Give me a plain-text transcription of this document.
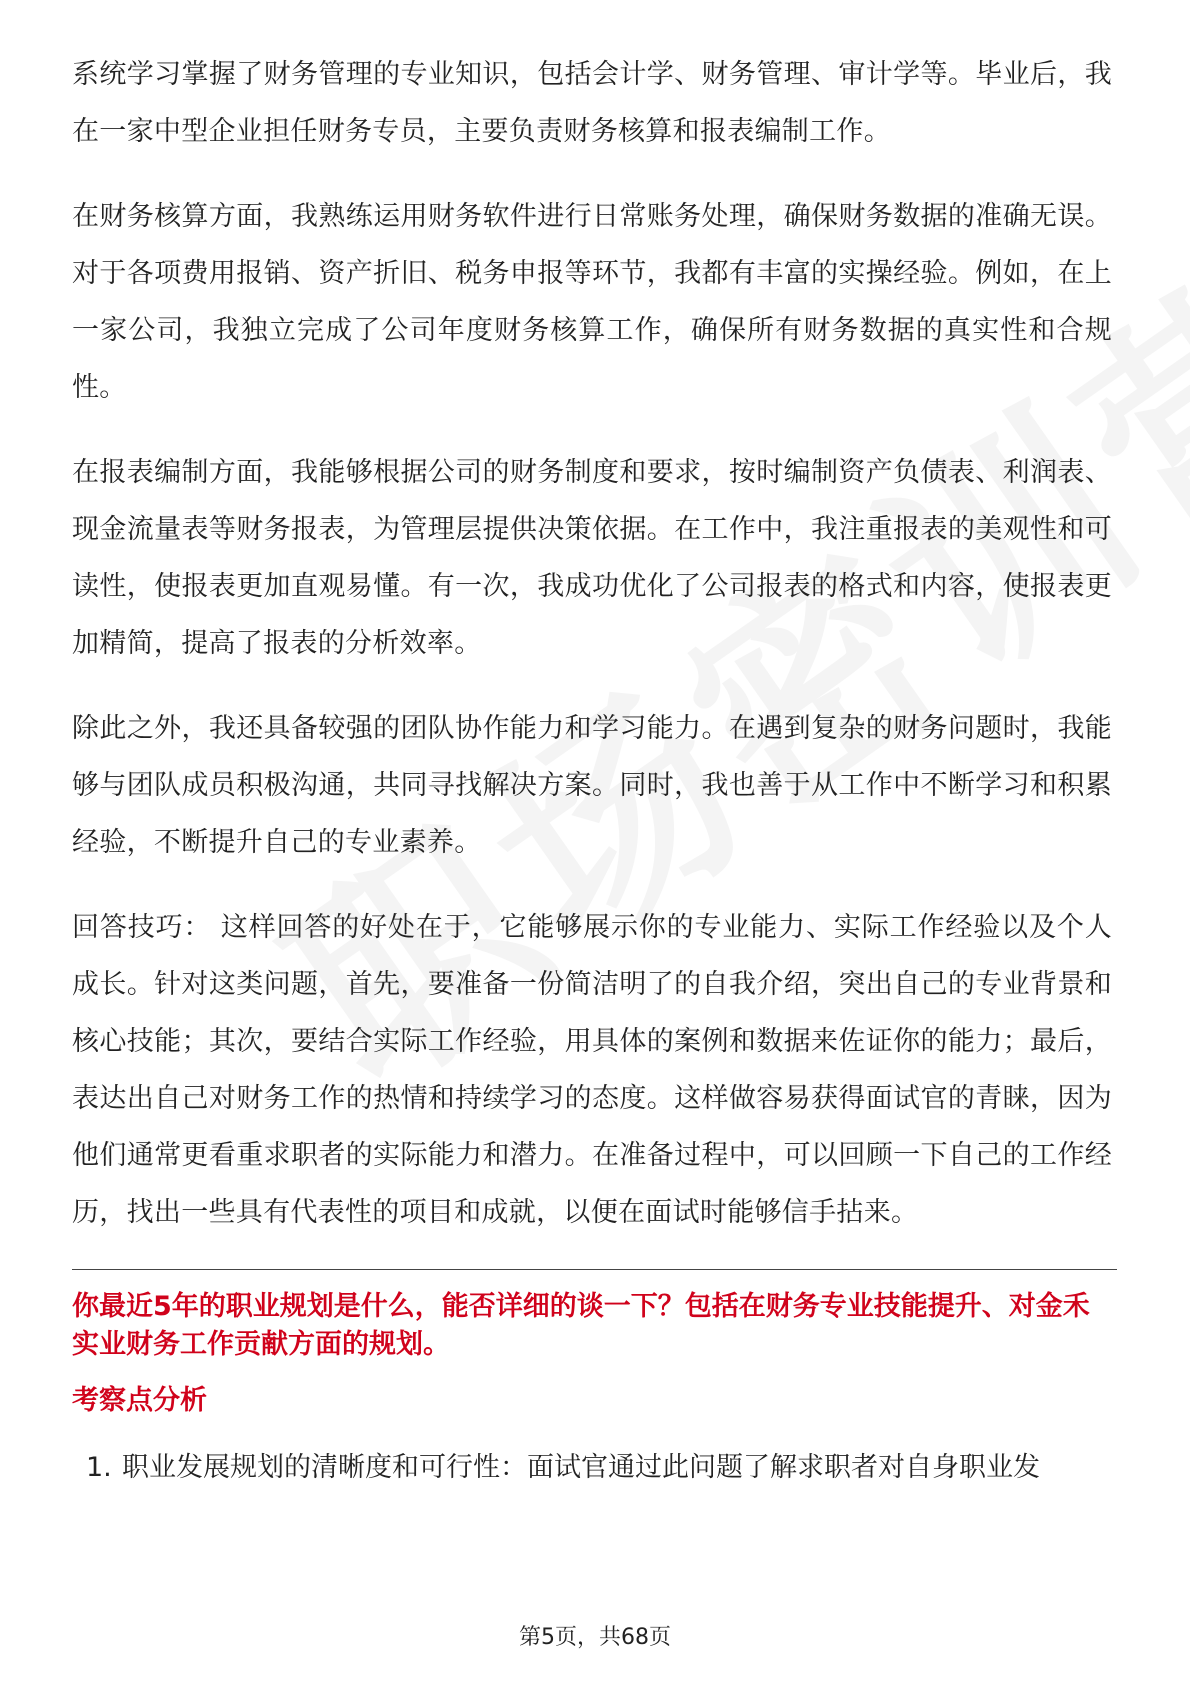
系统学习掌握了财务管理的专业知识，包括会计学、财务管理、审计学等。毕业后，我在一家中型企业担任财务专员，主要负责财务核算和报表编制工作。

在财务核算方面，我熟练运用财务软件进行日常账务处理，确保财务数据的准确无误。对于各项费用报销、资产折旧、税务申报等环节，我都有丰富的实操经验。例如，在上一家公司，我独立完成了公司年度财务核算工作，确保所有财务数据的真实性和合规性。

在报表编制方面，我能够根据公司的财务制度和要求，按时编制资产负债表、利润表、现金流量表等财务报表，为管理层提供决策依据。在工作中，我注重报表的美观性和可读性，使报表更加直观易懂。有一次，我成功优化了公司报表的格式和内容，使报表更加精简，提高了报表的分析效率。

除此之外，我还具备较强的团队协作能力和学习能力。在遇到复杂的财务问题时，我能够与团队成员积极沟通，共同寻找解决方案。同时，我也善于从工作中不断学习和积累经验，不断提升自己的专业素养。

回答技巧： 这样回答的好处在于，它能够展示你的专业能力、实际工作经验以及个人成长。针对这类问题，首先，要准备一份简洁明了的自我介绍，突出自己的专业背景和核心技能；其次，要结合实际工作经验，用具体的案例和数据来佐证你的能力；最后，表达出自己对财务工作的热情和持续学习的态度。这样做容易获得面试官的青睐，因为他们通常更看重求职者的实际能力和潜力。在准备过程中，可以回顾一下自己的工作经历，找出一些具有代表性的项目和成就，以便在面试时能够信手拈来。

你最近5年的职业规划是什么，能否详细的谈一下？包括在财务专业技能提升、对金禾实业财务工作贡献方面的规划。

考察点分析

1. 职业发展规划的清晰度和可行性：面试官通过此问题了解求职者对自身职业发
第5页，共68页
